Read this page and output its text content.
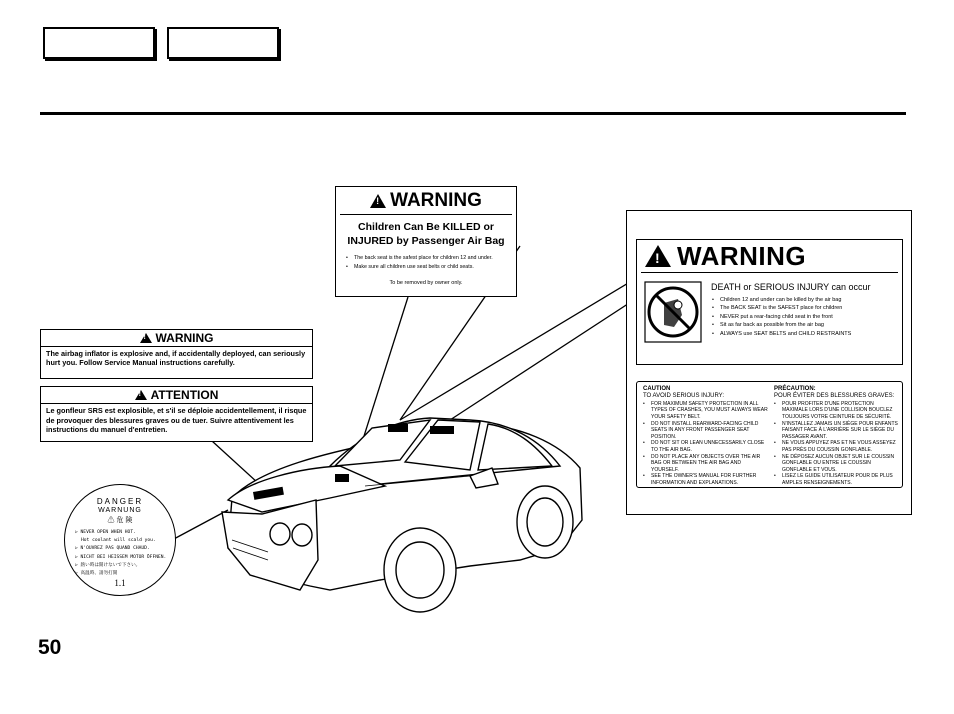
!
WARNING
Children Can Be KILLED or
INJURED by Passenger Air Bag
• The back seat is the safest place for children 12 and under.
• Make sure all children use seat belts or child seats.
To be removed by owner only.
!
WARNING
The airbag inflator is explosive and, if accidentally deployed, can seriously hurt you. Follow Service Manual instructions carefully.
!
ATTENTION
Le gonfleur SRS est explosible, et s'il se déploie accidentellement, il risque de provoquer des blessures graves ou de tuer. Suivre attentivement les instructions du manuel d'entretien.
DANGER
WARNUNG
⚠ 危 険
▷ NEVER OPEN WHEN HOT.
Hot coolant will scald you.
▷ N'OUVREZ PAS QUAND CHAUD.
▷ NICHT BEI HEISSEM MOTOR ÖFFNEN.
▷ 熱い時は開けないで下さい。
▷ 高温時、請勿打開
1.1
!
WARNING
DEATH or SERIOUS INJURY can occur
• Children 12 and under can be killed by the air bag
• The BACK SEAT is the SAFEST place for children
• NEVER put a rear-facing child seat in the front
• Sit as far back as possible from the air bag
• ALWAYS use SEAT BELTS and CHILD RESTRAINTS
CAUTION
TO AVOID SERIOUS INJURY:
• FOR MAXIMUM SAFETY PROTECTION IN ALL TYPES OF CRASHES, YOU MUST ALWAYS WEAR YOUR SAFETY BELT.
• DO NOT INSTALL REARWARD-FACING CHILD SEATS IN ANY FRONT PASSENGER SEAT POSITION.
• DO NOT SIT OR LEAN UNNECESSARILY CLOSE TO THE AIR BAG.
• DO NOT PLACE ANY OBJECTS OVER THE AIR BAG OR BETWEEN THE AIR BAG AND YOURSELF.
• SEE THE OWNER'S MANUAL FOR FURTHER INFORMATION AND EXPLANATIONS.
PRÉCAUTION:
POUR ÉVITER DES BLESSURES GRAVES:
• POUR PROFITER D'UNE PROTECTION MAXIMALE LORS D'UNE COLLISION BOUCLEZ TOUJOURS VOTRE CEINTURE DE SÉCURITÉ.
• N'INSTALLEZ JAMAIS UN SIÈGE POUR ENFANTS FAISANT FACE À L'ARRIÈRE SUR LE SIÈGE DU PASSAGER AVANT.
• NE VOUS APPUYEZ PAS ET NE VOUS ASSEYEZ PAS PRÈS DU COUSSIN GONFLABLE.
• NE DÉPOSEZ AUCUN OBJET SUR LE COUSSIN GONFLABLE OU ENTRE LE COUSSIN GONFLABLE ET VOUS.
• LISEZ LE GUIDE UTILISATEUR POUR DE PLUS AMPLES RENSEIGNEMENTS.
50
